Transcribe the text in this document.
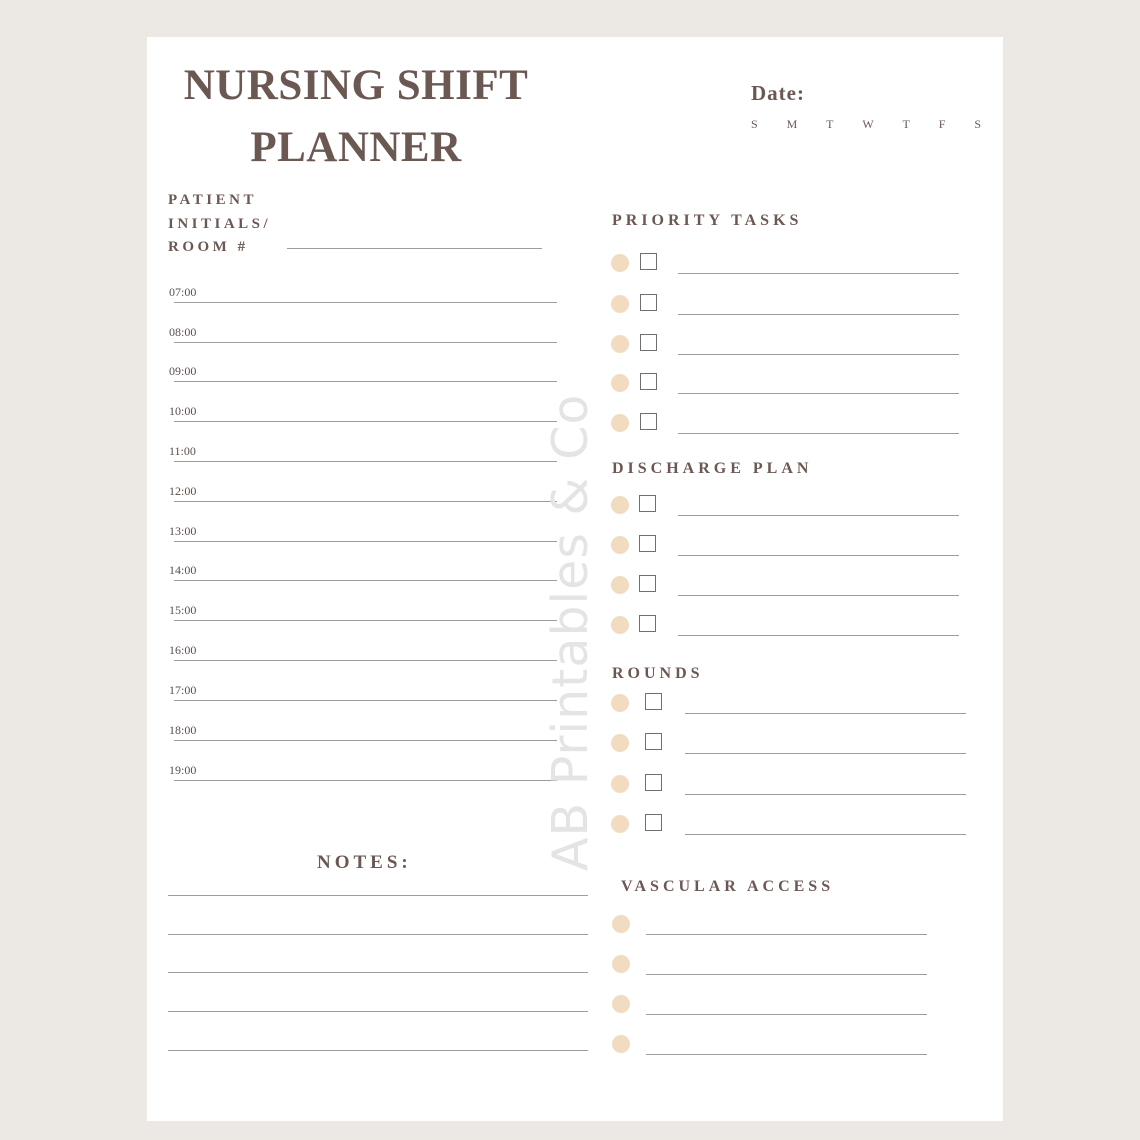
NURSING SHIFT
PLANNER
Date:
S M T W T F S
PATIENT
INITIALS/
ROOM #
07:00
08:00
09:00
10:00
11:00
12:00
13:00
14:00
15:00
16:00
17:00
18:00
19:00
NOTES:
PRIORITY TASKS
DISCHARGE PLAN
ROUNDS
VASCULAR ACCESS
AB Printables & Co
